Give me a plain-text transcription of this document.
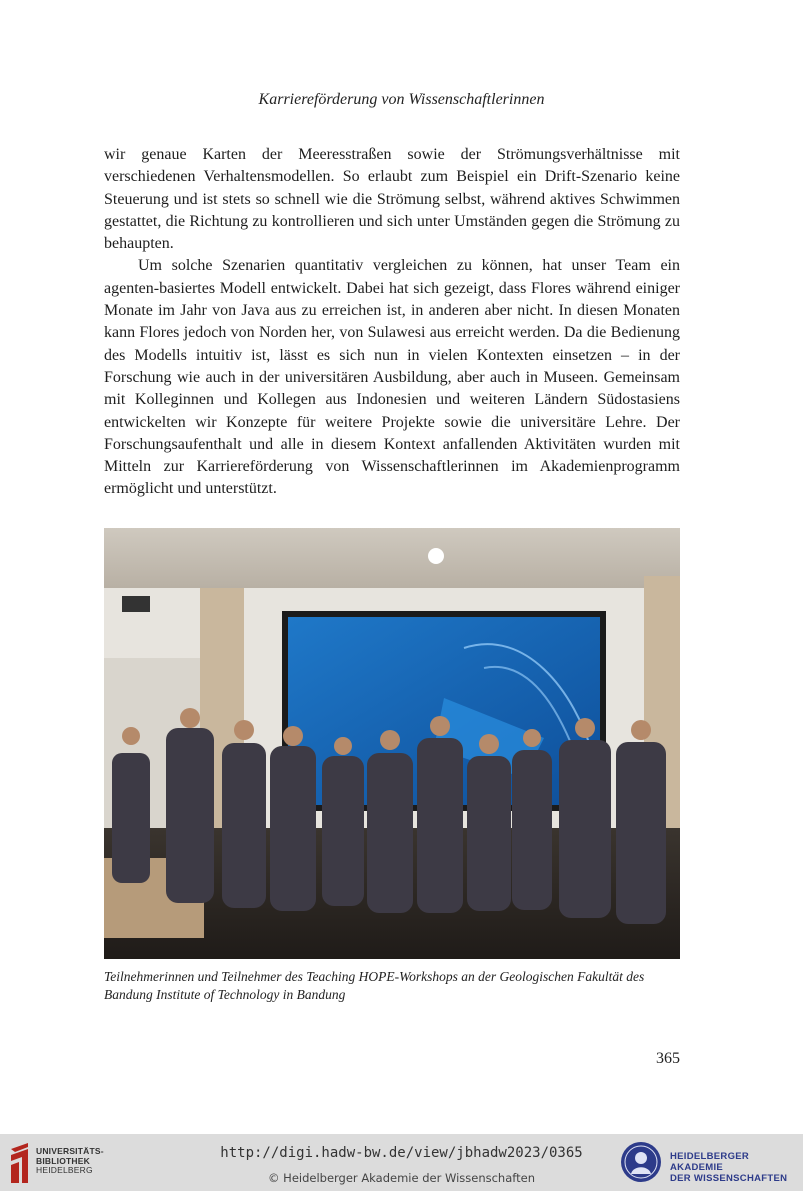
Karriereförderung von Wissenschaftlerinnen

wir genaue Karten der Meeresstraßen sowie der Strömungsverhältnisse mit verschiedenen Verhaltensmodellen. So erlaubt zum Beispiel ein Drift-Szenario keine Steuerung und ist stets so schnell wie die Strömung selbst, während aktives Schwimmen gestattet, die Richtung zu kontrollieren und sich unter Umständen gegen die Strömung zu behaupten.

Um solche Szenarien quantitativ vergleichen zu können, hat unser Team ein agenten-basiertes Modell entwickelt. Dabei hat sich gezeigt, dass Flores während einiger Monate im Jahr von Java aus zu erreichen ist, in anderen aber nicht. In diesen Monaten kann Flores jedoch von Norden her, von Sulawesi aus erreicht werden. Da die Bedienung des Modells intuitiv ist, lässt es sich nun in vielen Kontexten einsetzen – in der Forschung wie auch in der universitären Ausbildung, aber auch in Museen. Gemeinsam mit Kolleginnen und Kollegen aus Indonesien und weiteren Ländern Südostasiens entwickelten wir Konzepte für weitere Projekte sowie die universitäre Lehre. Der Forschungsaufenthalt und alle in diesem Kontext anfallenden Aktivitäten wurden mit Mitteln zur Karriereförderung von Wissenschaftlerinnen im Akademienprogramm ermöglicht und unterstützt.

Teilnehmerinnen und Teilnehmer des Teaching HOPE-Workshops an der Geologischen Fakultät des Bandung Institute of Technology in Bandung
365
UNIVERSITÄTS-
BIBLIOTHEK
HEIDELBERG
http://digi.hadw-bw.de/view/jbhadw2023/0365
© Heidelberger Akademie der Wissenschaften
HEIDELBERGER AKADEMIE
DER WISSENSCHAFTEN
